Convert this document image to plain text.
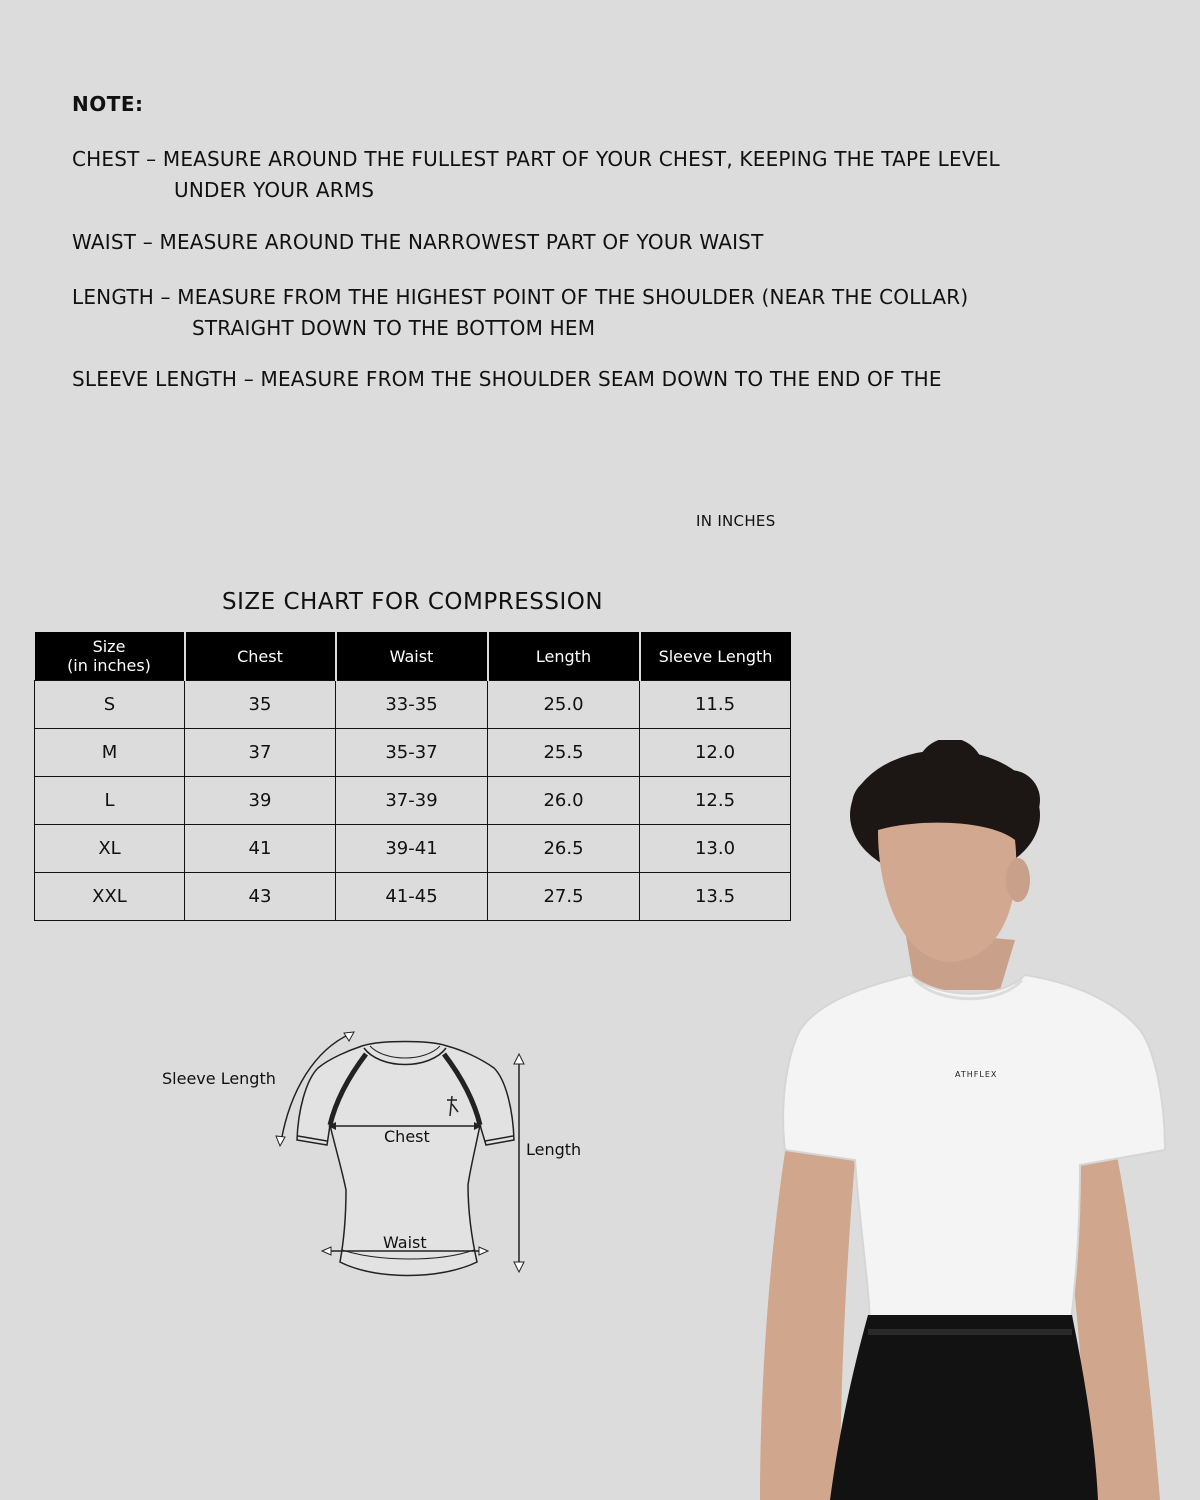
NOTE:
CHEST – MEASURE AROUND THE FULLEST PART OF YOUR CHEST, KEEPING THE TAPE LEVEL
UNDER YOUR ARMS
WAIST – MEASURE AROUND THE NARROWEST PART OF YOUR WAIST
LENGTH – MEASURE FROM THE HIGHEST POINT OF THE SHOULDER (NEAR THE COLLAR)
STRAIGHT DOWN TO THE BOTTOM HEM
SLEEVE LENGTH – MEASURE FROM THE SHOULDER SEAM DOWN TO THE END OF THE
IN INCHES
SIZE CHART FOR COMPRESSION
Size
(in inches)	Chest	Waist	Length	Sleeve Length
S	35	33-35	25.0	11.5
M	37	35-37	25.5	12.0
L	39	37-39	26.0	12.5
XL	41	39-41	26.5	13.0
XXL	43	41-45	27.5	13.5
Sleeve Length
Chest
Length
Waist
ATHFLEX
